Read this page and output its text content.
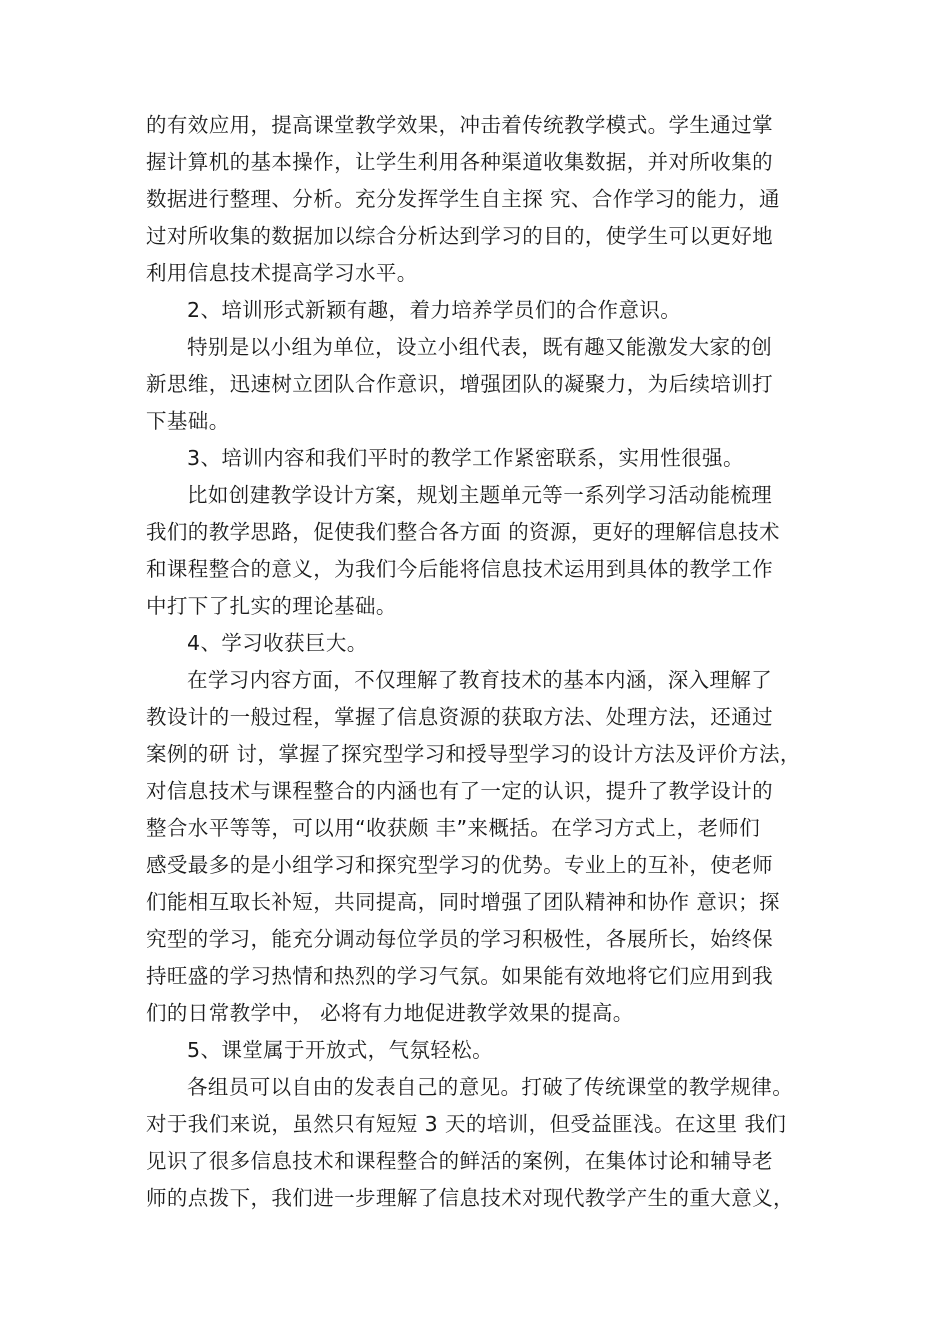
的有效应用，提高课堂教学效果，冲击着传统教学模式。学生通过掌
握计算机的基本操作，让学生利用各种渠道收集数据，并对所收集的
数据进行整理、分析。充分发挥学生自主探 究、合作学习的能力，通
过对所收集的数据加以综合分析达到学习的目的，使学生可以更好地
利用信息技术提高学习水平。
2、培训形式新颖有趣，着力培养学员们的合作意识。
特别是以小组为单位，设立小组代表，既有趣又能激发大家的创
新思维，迅速树立团队合作意识，增强团队的凝聚力，为后续培训打
下基础。
3、培训内容和我们平时的教学工作紧密联系，实用性很强。
比如创建教学设计方案，规划主题单元等一系列学习活动能梳理
我们的教学思路，促使我们整合各方面 的资源，更好的理解信息技术
和课程整合的意义，为我们今后能将信息技术运用到具体的教学工作
中打下了扎实的理论基础。
4、学习收获巨大。
在学习内容方面，不仅理解了教育技术的基本内涵，深入理解了
教设计的一般过程，掌握了信息资源的获取方法、处理方法，还通过
案例的研 讨，掌握了探究型学习和授导型学习的设计方法及评价方法，
对信息技术与课程整合的内涵也有了一定的认识，提升了教学设计的
整合水平等等，可以用“收获颇 丰”来概括。在学习方式上，老师们
感受最多的是小组学习和探究型学习的优势。专业上的互补，使老师
们能相互取长补短，共同提高，同时增强了团队精神和协作 意识；探
究型的学习，能充分调动每位学员的学习积极性，各展所长，始终保
持旺盛的学习热情和热烈的学习气氛。如果能有效地将它们应用到我
们的日常教学中， 必将有力地促进教学效果的提高。
5、课堂属于开放式，气氛轻松。
各组员可以自由的发表自己的意见。打破了传统课堂的教学规律。
对于我们来说，虽然只有短短 3 天的培训，但受益匪浅。在这里 我们
见识了很多信息技术和课程整合的鲜活的案例，在集体讨论和辅导老
师的点拨下，我们进一步理解了信息技术对现代教学产生的重大意义，
